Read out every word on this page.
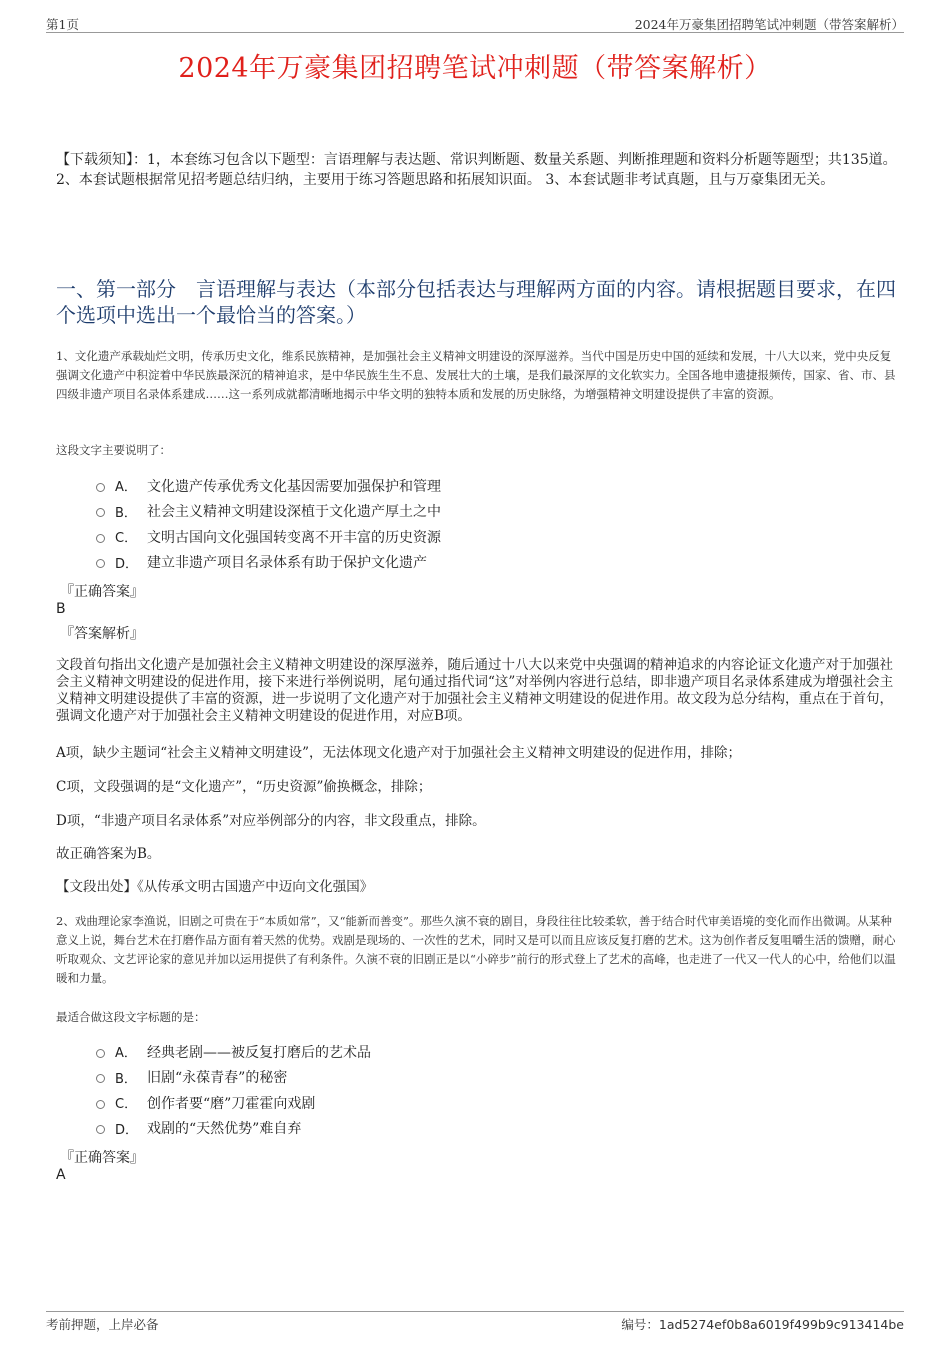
第1页	2024年万豪集团招聘笔试冲刺题（带答案解析）
2024年万豪集团招聘笔试冲刺题（带答案解析）
【下载须知】：1，本套练习包含以下题型：言语理解与表达题、常识判断题、数量关系题、判断推理题和资料分析题等题型；共135道。 2、本套试题根据常见招考题总结归纳，主要用于练习答题思路和拓展知识面。 3、本套试题非考试真题，且与万豪集团无关。
一、第一部分　言语理解与表达（本部分包括表达与理解两方面的内容。请根据题目要求，在四个选项中选出一个最恰当的答案。）
1、文化遗产承载灿烂文明，传承历史文化，维系民族精神，是加强社会主义精神文明建设的深厚滋养。当代中国是历史中国的延续和发展，十八大以来，党中央反复强调文化遗产中积淀着中华民族最深沉的精神追求，是中华民族生生不息、发展壮大的土壤，是我们最深厚的文化软实力。全国各地申遗捷报频传，国家、省、市、县四级非遗产项目名录体系建成……这一系列成就都清晰地揭示中华文明的独特本质和发展的历史脉络，为增强精神文明建设提供了丰富的资源。
这段文字主要说明了：
A． 文化遗产传承优秀文化基因需要加强保护和管理
B． 社会主义精神文明建设深植于文化遗产厚土之中
C． 文明古国向文化强国转变离不开丰富的历史资源
D． 建立非遗产项目名录体系有助于保护文化遗产
『正确答案』
B
『答案解析』
文段首句指出文化遗产是加强社会主义精神文明建设的深厚滋养，随后通过十八大以来党中央强调的精神追求的内容论证文化遗产对于加强社会主义精神文明建设的促进作用，接下来进行举例说明，尾句通过指代词“这”对举例内容进行总结，即非遗产项目名录体系建成为增强社会主义精神文明建设提供了丰富的资源，进一步说明了文化遗产对于加强社会主义精神文明建设的促进作用。故文段为总分结构，重点在于首句，强调文化遗产对于加强社会主义精神文明建设的促进作用，对应B项。
A项，缺少主题词“社会主义精神文明建设”，无法体现文化遗产对于加强社会主义精神文明建设的促进作用，排除；
C项，文段强调的是“文化遗产”，“历史资源”偷换概念，排除；
D项，“非遗产项目名录体系”对应举例部分的内容，非文段重点，排除。
故正确答案为B。
【文段出处】《从传承文明古国遗产中迈向文化强国》
2、戏曲理论家李渔说，旧剧之可贵在于“本质如常”，又“能新而善变”。那些久演不衰的剧目，身段往往比较柔软，善于结合时代审美语境的变化而作出微调。从某种意义上说，舞台艺术在打磨作品方面有着天然的优势。戏剧是现场的、一次性的艺术，同时又是可以而且应该反复打磨的艺术。这为创作者反复咀嚼生活的馈赠，耐心听取观众、文艺评论家的意见并加以运用提供了有利条件。久演不衰的旧剧正是以“小碎步”前行的形式登上了艺术的高峰，也走进了一代又一代人的心中，给他们以温暖和力量。
最适合做这段文字标题的是：
A． 经典老剧——被反复打磨后的艺术品
B． 旧剧“永葆青春”的秘密
C． 创作者要“磨”刀霍霍向戏剧
D． 戏剧的“天然优势”难自弃
『正确答案』
A
考前押题，上岸必备	编号：1ad5274ef0b8a6019f499b9c913414be
